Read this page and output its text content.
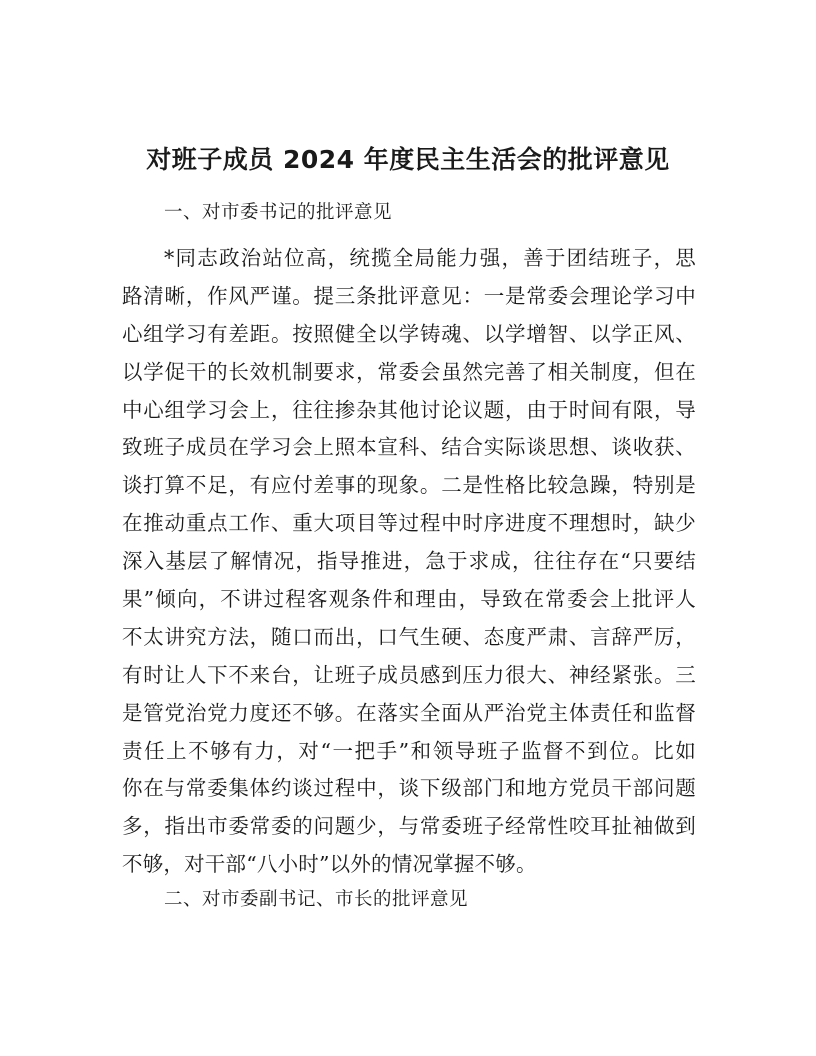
对班子成员 2024 年度民主生活会的批评意见

一、对市委书记的批评意见

*同志政治站位高，统揽全局能力强，善于团结班子，思
路清晰，作风严谨。提三条批评意见：一是常委会理论学习中
心组学习有差距。按照健全以学铸魂、以学增智、以学正风、
以学促干的长效机制要求，常委会虽然完善了相关制度，但在
中心组学习会上，往往掺杂其他讨论议题，由于时间有限，导
致班子成员在学习会上照本宣科、结合实际谈思想、谈收获、
谈打算不足，有应付差事的现象。二是性格比较急躁，特别是
在推动重点工作、重大项目等过程中时序进度不理想时，缺少
深入基层了解情况，指导推进，急于求成，往往存在“只要结
果”倾向，不讲过程客观条件和理由，导致在常委会上批评人
不太讲究方法，随口而出，口气生硬、态度严肃、言辞严厉，
有时让人下不来台，让班子成员感到压力很大、神经紧张。三
是管党治党力度还不够。在落实全面从严治党主体责任和监督
责任上不够有力，对“一把手”和领导班子监督不到位。比如
你在与常委集体约谈过程中，谈下级部门和地方党员干部问题
多，指出市委常委的问题少，与常委班子经常性咬耳扯袖做到
不够，对干部“八小时”以外的情况掌握不够。

二、对市委副书记、市长的批评意见
